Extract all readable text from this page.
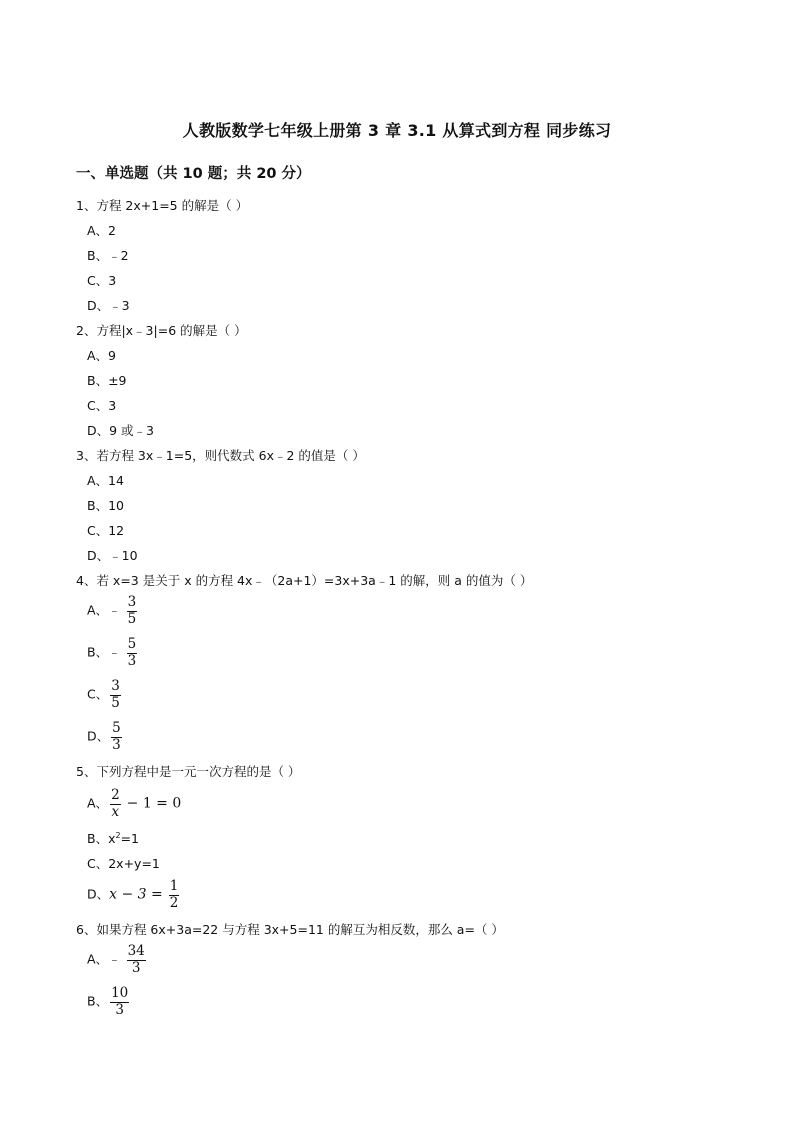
人教版数学七年级上册第 3 章 3.1 从算式到方程 同步练习
一、单选题（共 10 题；共 20 分）
1、方程 2x+1=5 的解是（ ）
A、2
B、﹣2
C、3
D、﹣3
2、方程|x﹣3|=6 的解是（ ）
A、9
B、±9
C、3
D、9 或﹣3
3、若方程 3x﹣1=5，则代数式 6x﹣2 的值是（ ）
A、14
B、10
C、12
D、﹣10
4、若 x=3 是关于 x 的方程 4x﹣（2a+1）=3x+3a﹣1 的解，则 a 的值为（ ）
A、﹣ $\frac{3}{5}$
B、﹣ $\frac{5}{3}$
C、 $\frac{3}{5}$
D、 $\frac{5}{3}$
5、下列方程中是一元一次方程的是（ ）
A、 $\frac{2}{x} - 1 = 0$
B、$x^2=1$
C、2x+y=1
D、$x - 3 = \frac{1}{2}$
6、如果方程 6x+3a=22 与方程 3x+5=11 的解互为相反数，那么 a=（ ）
A、﹣ $\frac{34}{3}$
B、 $\frac{10}{3}$
